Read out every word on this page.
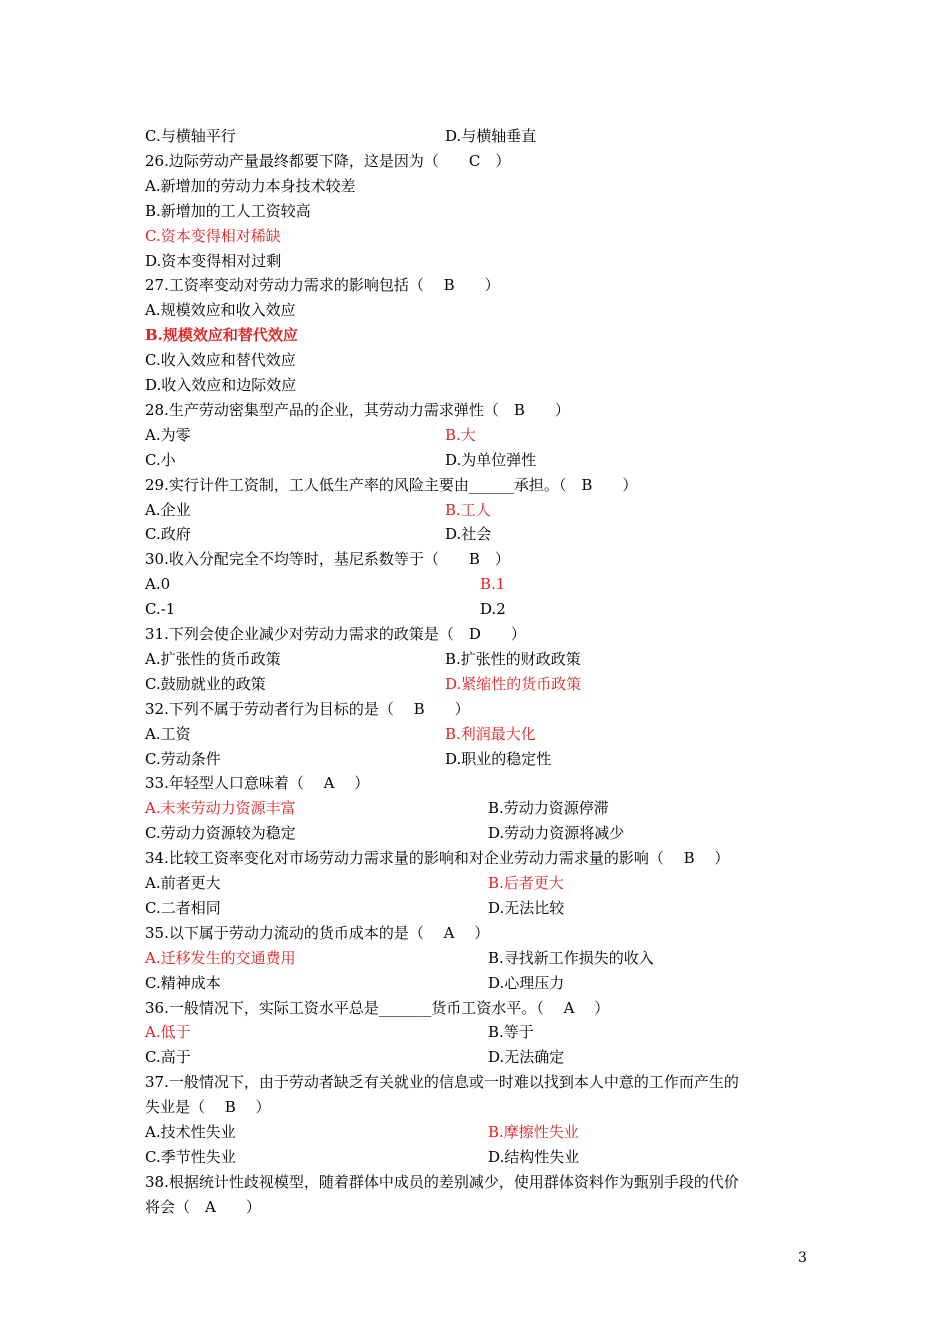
C.与横轴平行	D.与横轴垂直
26.边际劳动产量最终都要下降，这是因为（　　C　）
A.新增加的劳动力本身技术较差
B.新增加的工人工资较高
C.资本变得相对稀缺
D.资本变得相对过剩
27.工资率变动对劳动力需求的影响包括（　 B　　）
A.规模效应和收入效应
B.规模效应和替代效应
C.收入效应和替代效应
D.收入效应和边际效应
28.生产劳动密集型产品的企业，其劳动力需求弹性（　B　　）
A.为零	B.大
C.小	D.为单位弹性
29.实行计件工资制，工人低生产率的风险主要由______承担。（　B　　）
A.企业	B.工人
C.政府	D.社会
30.收入分配完全不均等时，基尼系数等于（　　B　）
A.0	B.1
C.-1	D.2
31.下列会使企业减少对劳动力需求的政策是（　D　　）
A.扩张性的货币政策	B.扩张性的财政政策
C.鼓励就业的政策	D.紧缩性的货币政策
32.下列不属于劳动者行为目标的是（　 B　　）
A.工资	B.利润最大化
C.劳动条件	D.职业的稳定性
33.年轻型人口意味着（　 A　 ）
A.未来劳动力资源丰富	B.劳动力资源停滞
C.劳动力资源较为稳定	D.劳动力资源将减少
34.比较工资率变化对市场劳动力需求量的影响和对企业劳动力需求量的影响（　 B　 ）
A.前者更大	B.后者更大
C.二者相同	D.无法比较
35.以下属于劳动力流动的货币成本的是（　 A　 ）
A.迁移发生的交通费用	B.寻找新工作损失的收入
C.精神成本	D.心理压力
36.一般情况下，实际工资水平总是_______货币工资水平。（　 A　 ）
A.低于	B.等于
C.高于	D.无法确定
37.一般情况下，由于劳动者缺乏有关就业的信息或一时难以找到本人中意的工作而产生的
失业是（　 B　 ）
A.技术性失业	B.摩擦性失业
C.季节性失业	D.结构性失业
38.根据统计性歧视模型，随着群体中成员的差别减少，使用群体资料作为甄别手段的代价
将会（　A　　）
3
